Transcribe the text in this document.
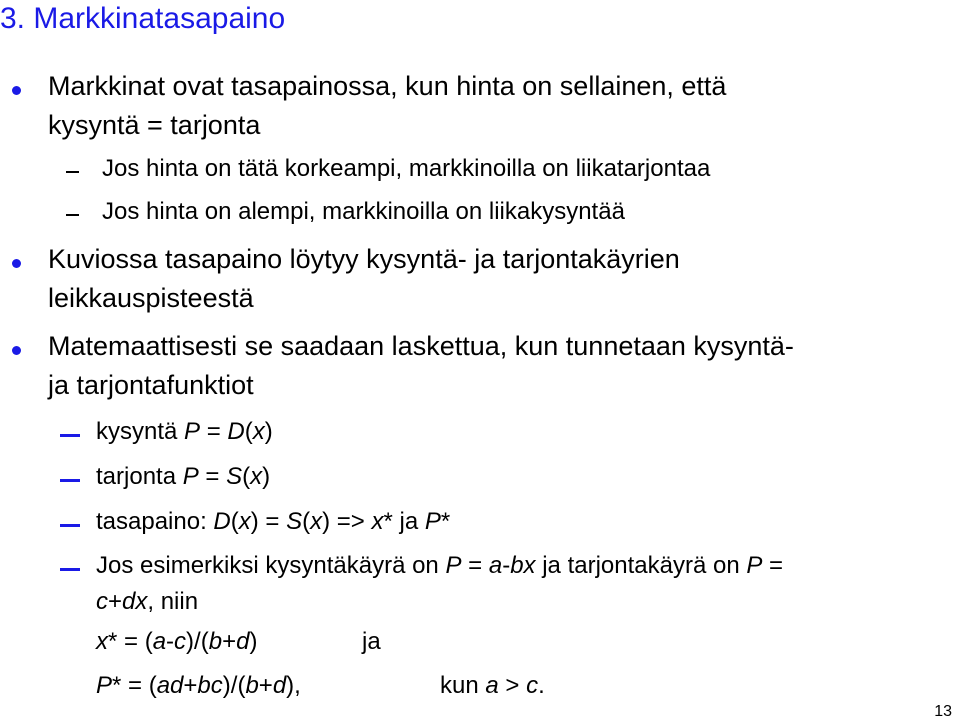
3. Markkinatasapaino
Markkinat ovat tasapainossa, kun hinta on sellainen, että
kysyntä = tarjonta
Jos hinta on tätä korkeampi, markkinoilla on liikatarjontaa
Jos hinta on alempi, markkinoilla on liikakysyntää
Kuviossa tasapaino löytyy kysyntä- ja tarjontakäyrien
leikkauspisteestä
Matemaattisesti se saadaan laskettua, kun tunnetaan kysyntä-
ja tarjontafunktiot
kysyntä P = D(x)
tarjonta P = S(x)
tasapaino: D(x) = S(x) => x* ja P*
Jos esimerkiksi kysyntäkäyrä on P = a-bx ja tarjontakäyrä on P =
c+dx, niin
x* = (a-c)/(b+d)	ja
P* = (ad+bc)/(b+d),	kun a > c.
13
